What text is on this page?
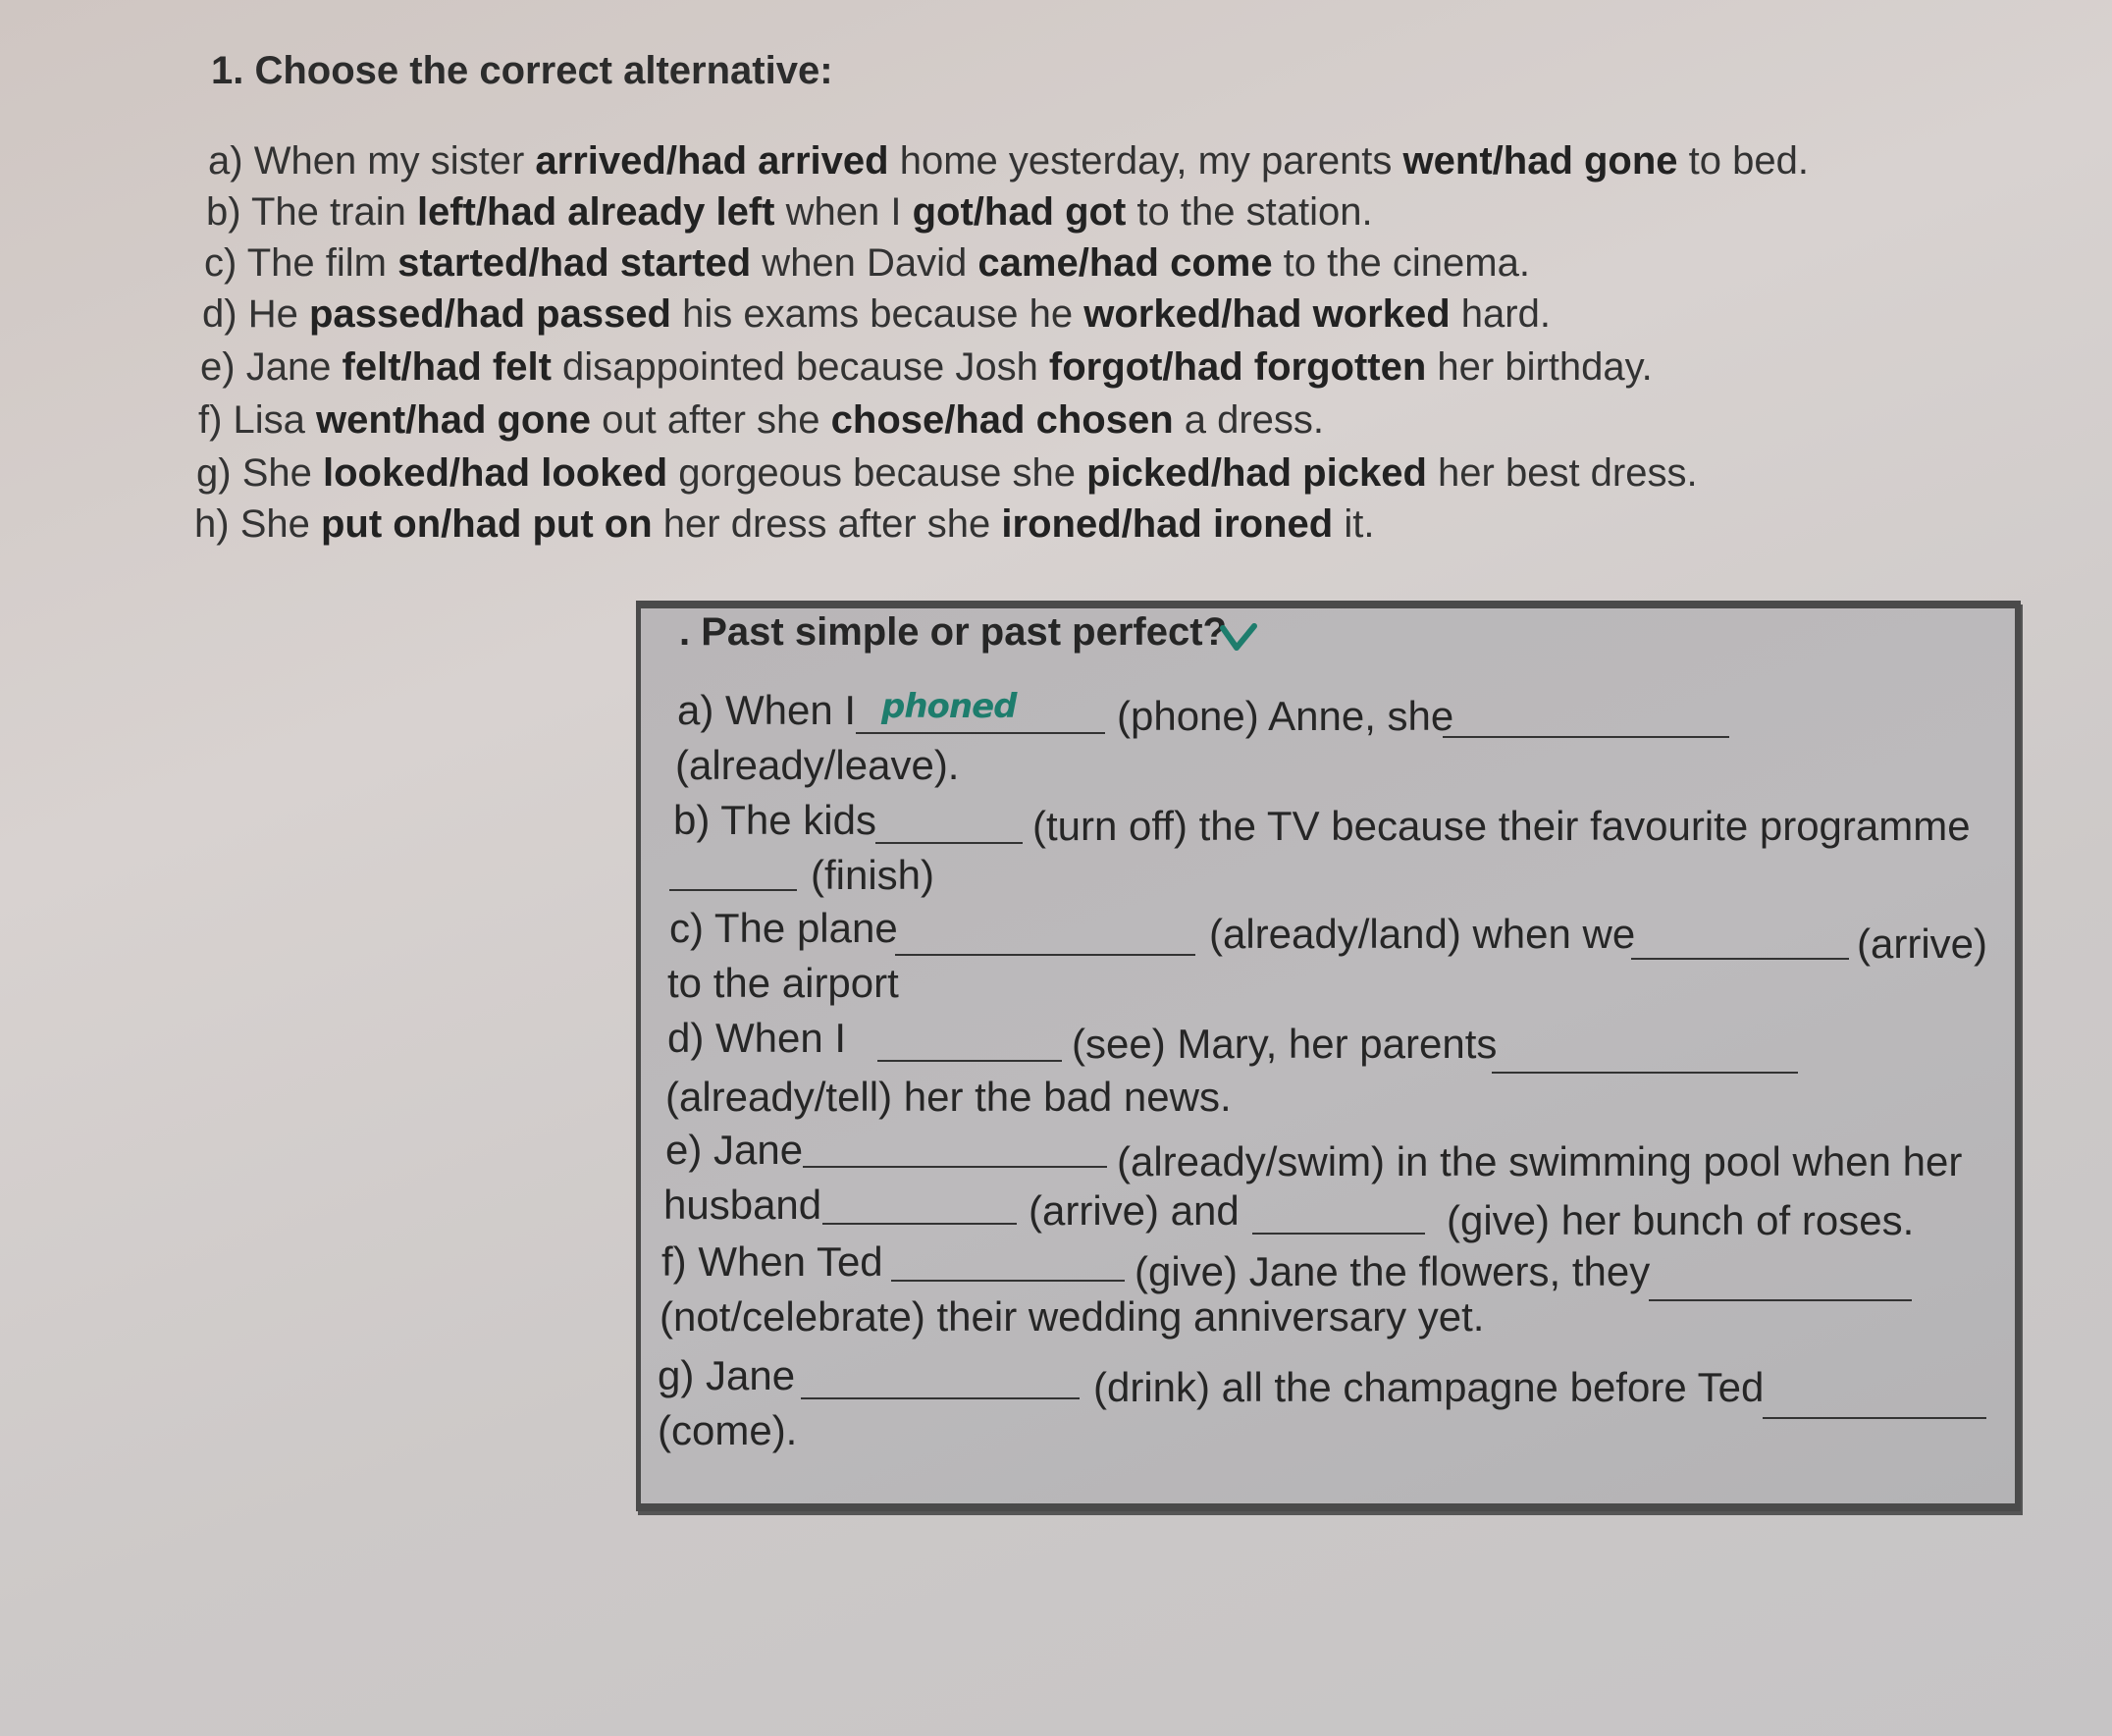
1. Choose the correct alternative:
a) When my sister arrived/had arrived home yesterday, my parents went/had gone to bed.
b) The train left/had already left when I got/had got to the station.
c) The film started/had started when David came/had come to the cinema.
d) He passed/had passed his exams because he worked/had worked hard.
e) Jane felt/had felt disappointed because Josh forgot/had forgotten her birthday.
f) Lisa went/had gone out after she chose/had chosen a dress.
g) She looked/had looked gorgeous because she picked/had picked her best dress.
h) She put on/had put on her dress after she ironed/had ironed it.
. Past simple or past perfect?
a) When I phoned (phone) Anne, she
(already/leave).
b) The kids	(turn off) the TV because their favourite programme
(finish)
c) The plane	(already/land) when we	(arrive)
to the airport
d) When I	(see) Mary, her parents
(already/tell) her the bad news.
e) Jane	(already/swim) in the swimming pool when her
husband	(arrive) and	(give) her bunch of roses.
f) When Ted	(give) Jane the flowers, they
(not/celebrate) their wedding anniversary yet.
g) Jane	(drink) all the champagne before Ted
(come).
